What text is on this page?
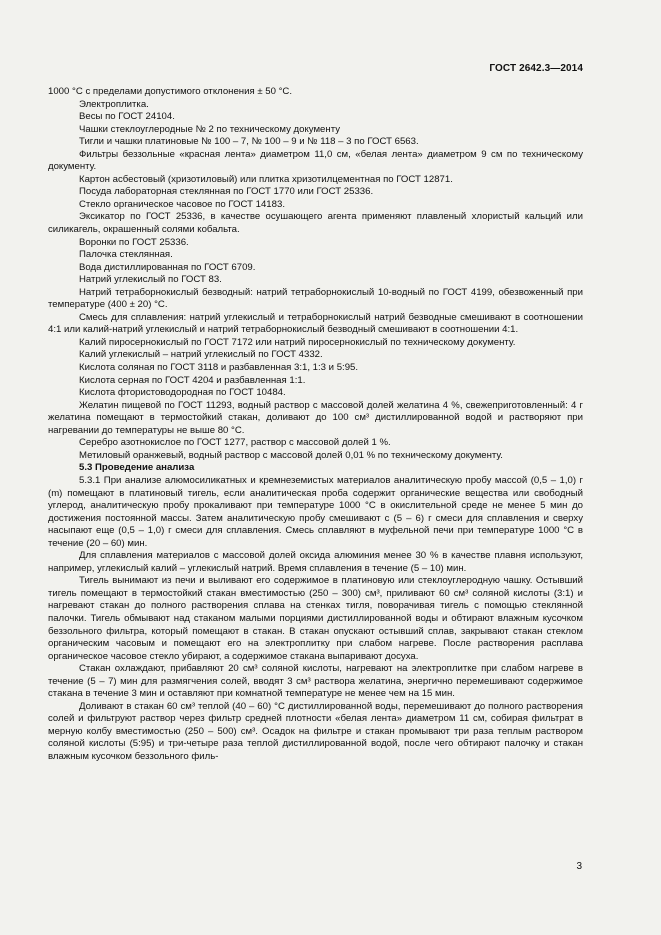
ГОСТ 2642.3—2014

1000 °С с пределами допустимого отклонения ± 50 °С.

Электроплитка.

Весы по ГОСТ 24104.

Чашки стеклоуглеродные № 2 по техническому документу

Тигли и чашки платиновые № 100 – 7, № 100 – 9 и № 118 – 3 по ГОСТ 6563.

Фильтры беззольные «красная лента» диаметром 11,0 см, «белая лента» диаметром 9 см по техническому документу.

Картон асбестовый (хризотиловый) или плитка хризотилцементная по ГОСТ 12871.

Посуда лабораторная стеклянная по ГОСТ 1770 или ГОСТ 25336.

Стекло органическое часовое по ГОСТ 14183.

Эксикатор по ГОСТ 25336, в качестве осушающего агента применяют плавленый хлористый кальций или силикагель, окрашенный солями кобальта.

Воронки по ГОСТ 25336.

Палочка стеклянная.

Вода дистиллированная по ГОСТ 6709.

Натрий углекислый по ГОСТ 83.

Натрий тетраборнокислый безводный: натрий тетраборнокислый 10-водный по ГОСТ 4199, обезвоженный при температуре (400 ± 20) °С.

Смесь для сплавления: натрий углекислый и тетраборнокислый натрий безводные смешивают в соотношении 4:1 или калий-натрий углекислый и натрий тетраборнокислый безводный смешивают в соотношении 4:1.

Калий пиросернокислый по ГОСТ 7172 или натрий пиросернокислый по техническому документу.

Калий углекислый – натрий углекислый по ГОСТ 4332.

Кислота соляная по ГОСТ 3118 и разбавленная 3:1, 1:3 и 5:95.

Кислота серная по ГОСТ 4204 и разбавленная 1:1.

Кислота фтористоводородная по ГОСТ 10484.

Желатин пищевой по ГОСТ 11293, водный раствор с массовой долей желатина 4 %, свежеприготовленный: 4 г желатина помещают в термостойкий стакан, доливают до 100 см³ дистиллированной водой и растворяют при нагревании до температуры не выше 80 °С.

Серебро азотнокислое по ГОСТ 1277, раствор с массовой долей 1 %.

Метиловый оранжевый, водный раствор с массовой долей 0,01 % по техническому документу.

5.3 Проведение анализа

5.3.1 При анализе алюмосиликатных и кремнеземистых материалов аналитическую пробу массой (0,5 – 1,0) г (m) помещают в платиновый тигель, если аналитическая проба содержит органические вещества или свободный углерод, аналитическую пробу прокаливают при температуре 1000 °С в окислительной среде не менее 5 мин до достижения постоянной массы. Затем аналитическую пробу смешивают с (5 – 6) г смеси для сплавления и сверху насыпают еще (0,5 – 1,0) г смеси для сплавления. Смесь сплавляют в муфельной печи при температуре 1000 °С в течение (20 – 60) мин.

Для сплавления материалов с массовой долей оксида алюминия менее 30 % в качестве плавня используют, например, углекислый калий – углекислый натрий. Время сплавления в течение (5 – 10) мин.

Тигель вынимают из печи и выливают его содержимое в платиновую или стеклоуглеродную чашку. Остывший тигель помещают в термостойкий стакан вместимостью (250 – 300) см³, приливают 60 см³ соляной кислоты (3:1) и нагревают стакан до полного растворения сплава на стенках тигля, поворачивая тигель с помощью стеклянной палочки. Тигель обмывают над стаканом малыми порциями дистиллированной воды и обтирают влажным кусочком беззольного фильтра, который помещают в стакан. В стакан опускают остывший сплав, закрывают стакан стеклом органическим часовым и помещают его на электроплитку при слабом нагреве. После растворения расплава органическое часовое стекло убирают, а содержимое стакана выпаривают досуха.

Стакан охлаждают, прибавляют 20 см³ соляной кислоты, нагревают на электроплитке при слабом нагреве в течение (5 – 7) мин для размягчения солей, вводят 3 см³ раствора желатина, энергично перемешивают содержимое стакана в течение 3 мин и оставляют при комнатной температуре не менее чем на 15 мин.

Доливают в стакан 60 см³ теплой (40 – 60) °С дистиллированной воды, перемешивают до полного растворения солей и фильтруют раствор через фильтр средней плотности «белая лента» диаметром 11 см, собирая фильтрат в мерную колбу вместимостью (250 – 500) см³. Осадок на фильтре и стакан промывают три раза теплым раствором соляной кислоты (5:95) и три-четыре раза теплой дистиллированной водой, после чего обтирают палочку и стакан влажным кусочком беззольного филь-

3
